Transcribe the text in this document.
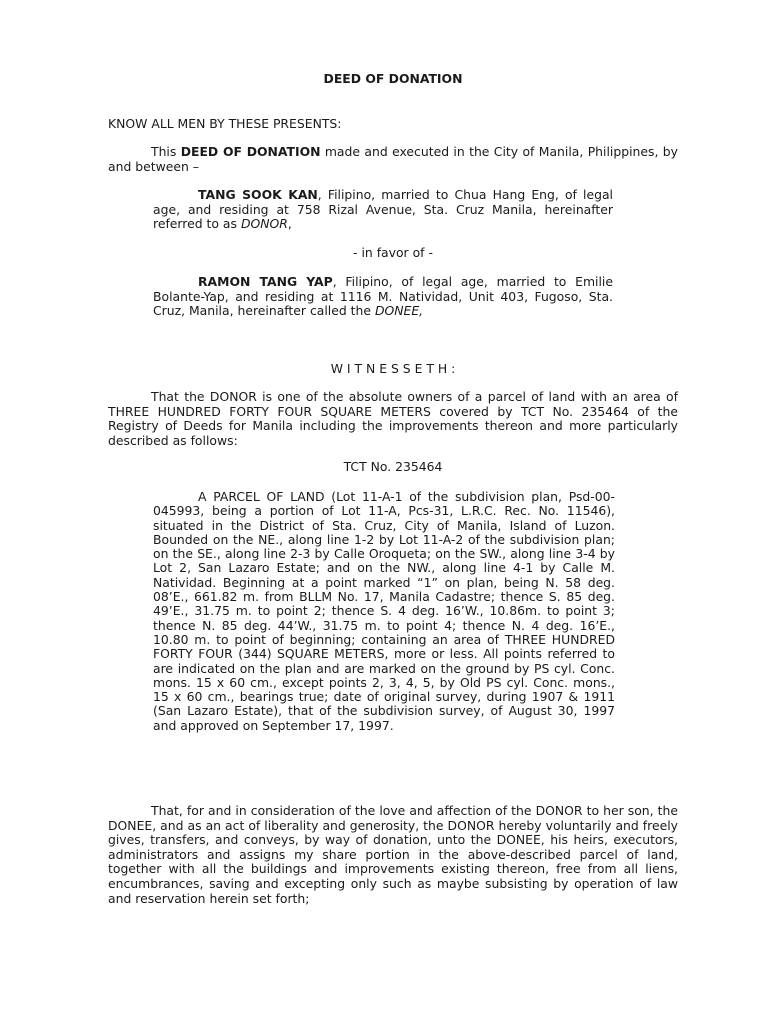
DEED OF DONATION
KNOW ALL MEN BY THESE PRESENTS:
This DEED OF DONATION made and executed in the City of Manila, Philippines, by and between –
TANG SOOK KAN, Filipino, married to Chua Hang Eng, of legal age, and residing at 758 Rizal Avenue, Sta. Cruz Manila, hereinafter referred to as DONOR,
- in favor of -
RAMON TANG YAP, Filipino, of legal age, married to Emilie Bolante-Yap, and residing at 1116 M. Natividad, Unit 403, Fugoso, Sta. Cruz, Manila, hereinafter called the DONEE,
W I T N E S S E T H :
That the DONOR is one of the absolute owners of a parcel of land with an area of THREE HUNDRED FORTY FOUR SQUARE METERS covered by TCT No. 235464 of the Registry of Deeds for Manila including the improvements thereon and more particularly described as follows:
TCT No. 235464
A PARCEL OF LAND (Lot 11-A-1 of the subdivision plan, Psd-00-045993, being a portion of Lot 11-A, Pcs-31, L.R.C. Rec. No. 11546), situated in the District of Sta. Cruz, City of Manila, Island of Luzon. Bounded on the NE., along line 1-2 by Lot 11-A-2 of the subdivision plan; on the SE., along line 2-3 by Calle Oroqueta; on the SW., along line 3-4 by Lot 2, San Lazaro Estate; and on the NW., along line 4-1 by Calle M. Natividad. Beginning at a point marked “1” on plan, being N. 58 deg. 08’E., 661.82 m. from BLLM No. 17, Manila Cadastre; thence S. 85 deg. 49’E., 31.75 m. to point 2; thence S. 4 deg. 16’W., 10.86m. to point 3; thence N. 85 deg. 44’W., 31.75 m. to point 4; thence N. 4 deg. 16’E., 10.80 m. to point of beginning; containing an area of THREE HUNDRED FORTY FOUR (344) SQUARE METERS, more or less. All points referred to are indicated on the plan and are marked on the ground by PS cyl. Conc. mons. 15 x 60 cm., except points 2, 3, 4, 5, by Old PS cyl. Conc. mons., 15 x 60 cm., bearings true; date of original survey, during 1907 & 1911 (San Lazaro Estate), that of the subdivision survey, of August 30, 1997 and approved on September 17, 1997.
That, for and in consideration of the love and affection of the DONOR to her son, the DONEE, and as an act of liberality and generosity, the DONOR hereby voluntarily and freely gives, transfers, and conveys, by way of donation, unto the DONEE, his heirs, executors, administrators and assigns my share portion in the above-described parcel of land, together with all the buildings and improvements existing thereon, free from all liens, encumbrances, saving and excepting only such as maybe subsisting by operation of law and reservation herein set forth;
